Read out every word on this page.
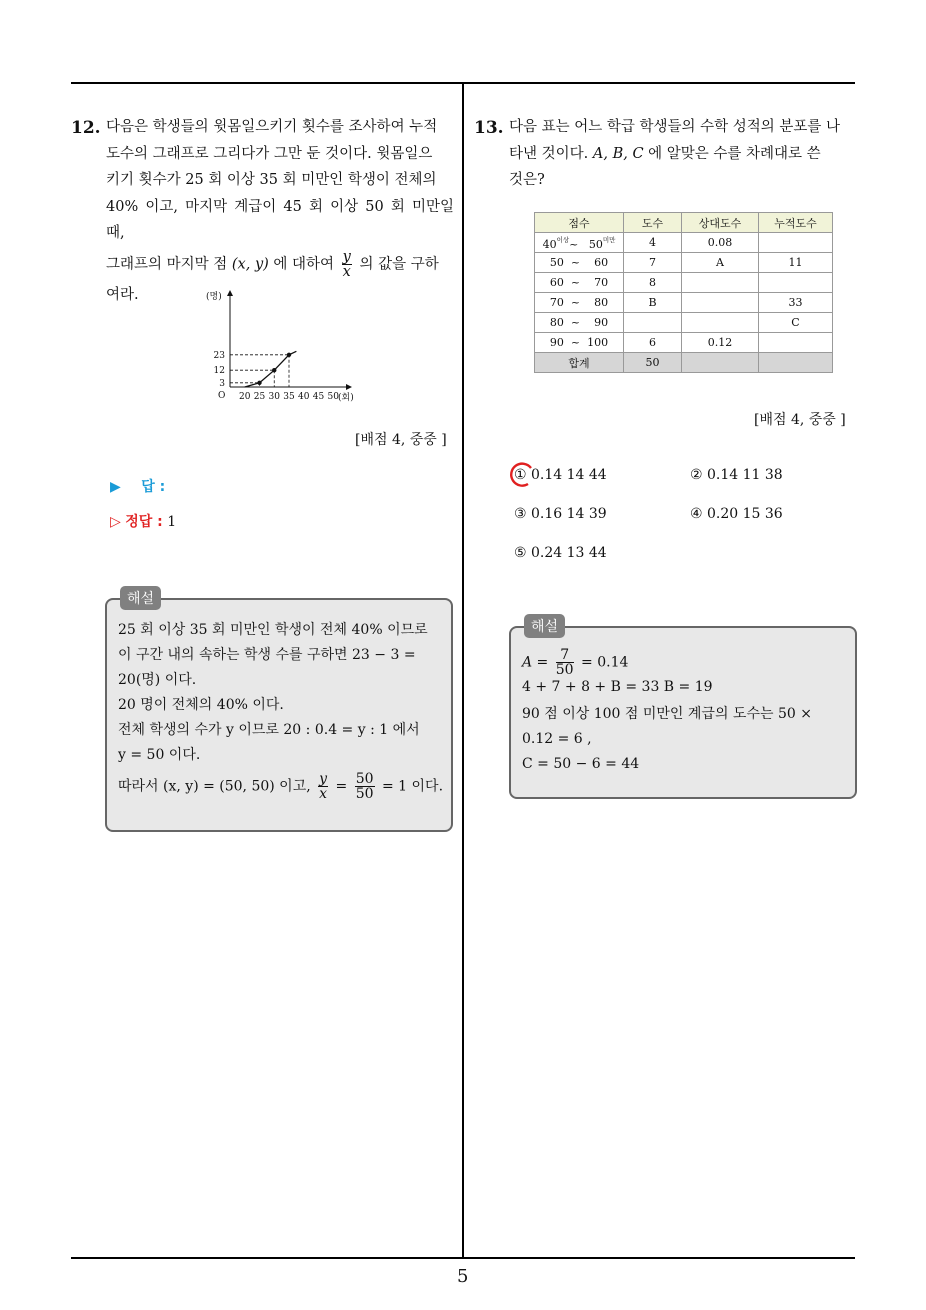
5
12. 다음은 학생들의 윗몸일으키기 횟수를 조사하여 누적
도수의 그래프로 그리다가 그만 둔 것이다. 윗몸일으
키기 횟수가 25 회 이상 35 회 미만인 학생이 전체의
40% 이고, 마지막 계급이 45 회 이상 50 회 미만일 때,
그래프의 마지막 점 (x, y) 에 대하여 $\frac{y}{x}$ 의 값을 구하
여라.	(명)
(회)
O 20 25 30 35 40 45 50
3
12
23
[배점 4, 중중 ]
▶ 답 :
▷ 정답 : 1
해설
25 회 이상 35 회 미만인 학생이 전체 40% 이므로
이 구간 내의 속하는 학생 수를 구하면 23 − 3 =
20(명) 이다.
20 명이 전체의 40% 이다.
전체 학생의 수가 y 이므로 20 : 0.4 = y : 1 에서
y = 50 이다.
따라서 (x, y) = (50, 50) 이고, $\frac{y}{x} = \frac{50}{50} = 1$ 이다.
13. 다음 표는 어느 학급 학생들의 수학 성적의 분포를 나
타낸 것이다. A, B, C 에 알맞은 수를 차례대로 쓴
것은?
점수	도수	상대도수	누적도수
$40^{이상}\sim$ $50^{미만}$	4	0.08	
50 ~ 60	7	A	11
60 ~ 70	8		
70 ~ 80	B		33
80 ~ 90			C
90 ~ 100	6	0.12	
합계	50		
[배점 4, 중중 ]
① 0.14 14 44	② 0.14 11 38
③ 0.16 14 39	④ 0.20 15 36
⑤ 0.24 13 44
해설
$A = \frac{7}{50} = 0.14$
4 + 7 + 8 + B = 33 B = 19
90 점 이상 100 점 미만인 계급의 도수는 50 ×
0.12 = 6 ,
C = 50 − 6 = 44
